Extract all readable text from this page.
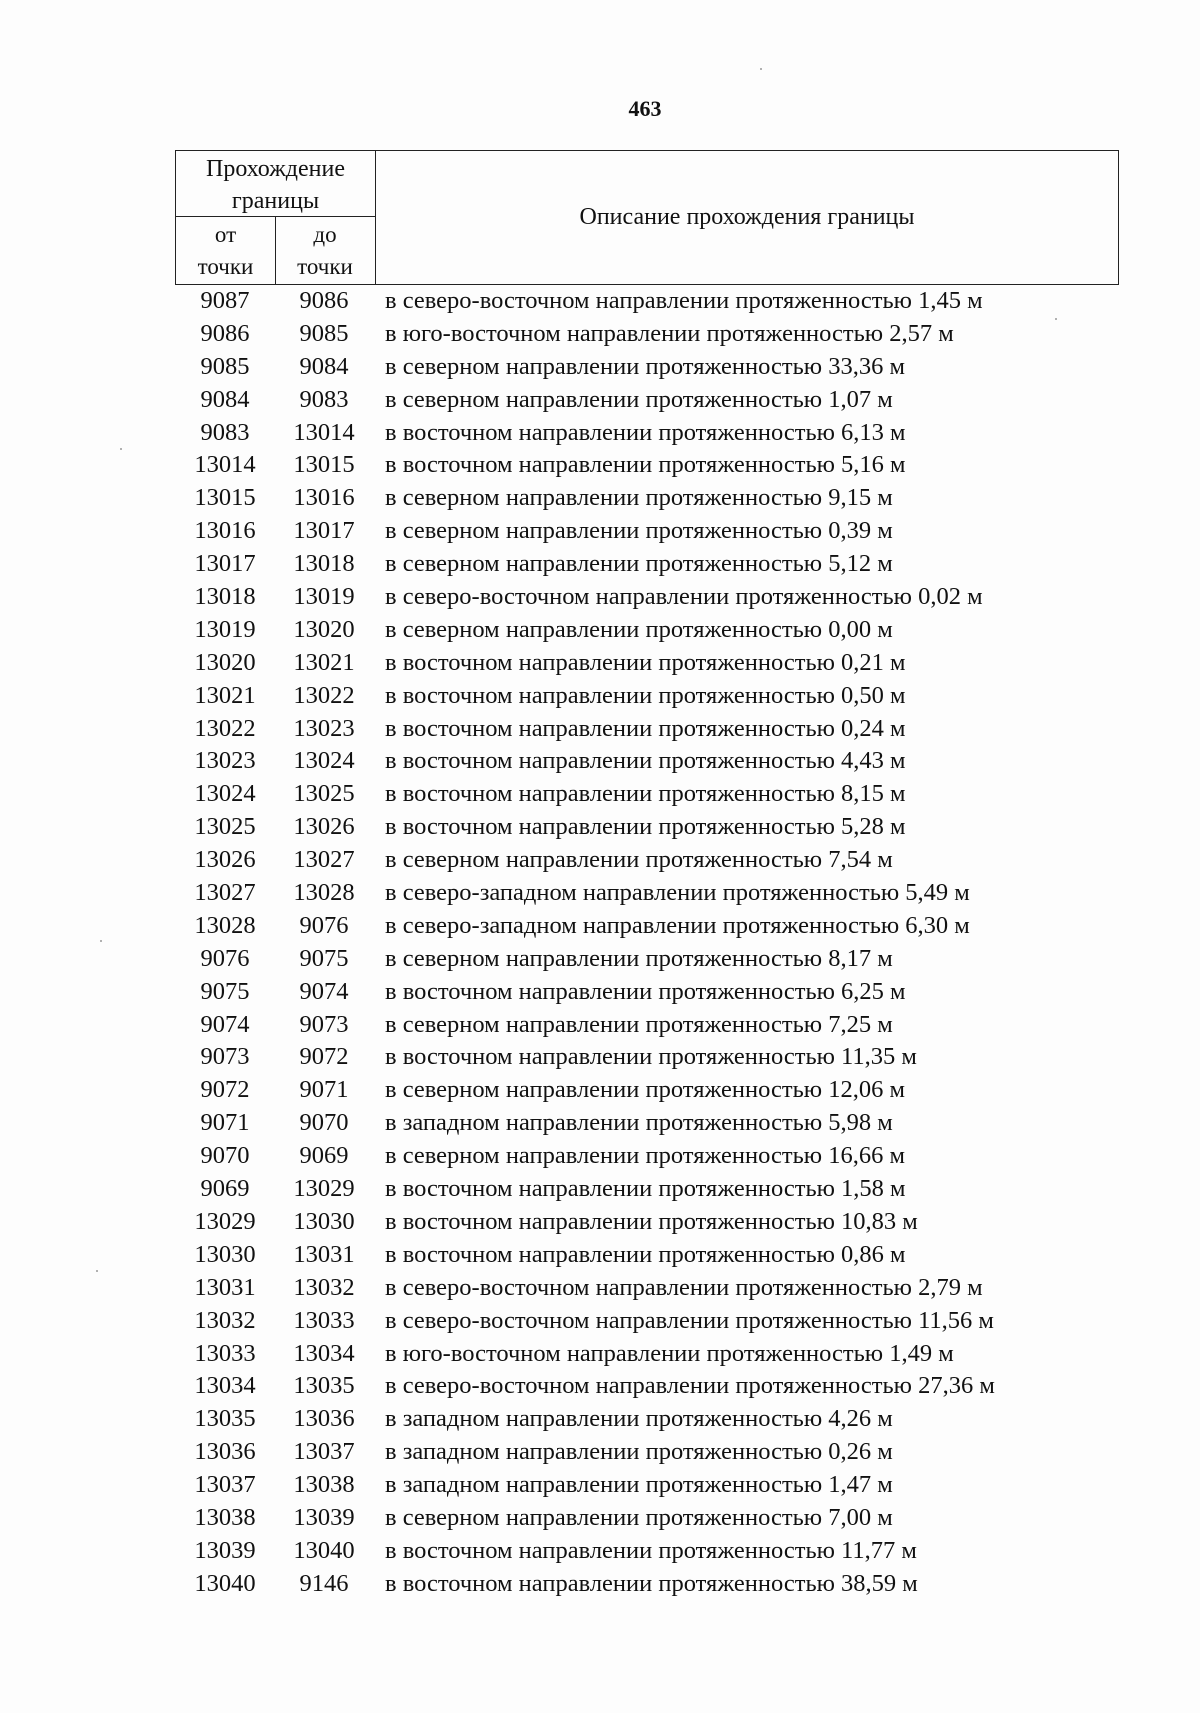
463
Прохождение
границы
от
точки
до
точки
Описание прохождения границы
9087	9086	в северо-восточном направлении протяженностью 1,45 м
9086	9085	в юго-восточном направлении протяженностью 2,57 м
9085	9084	в северном направлении протяженностью 33,36 м
9084	9083	в северном направлении протяженностью 1,07 м
9083	13014	в восточном направлении протяженностью 6,13 м
13014	13015	в восточном направлении протяженностью 5,16 м
13015	13016	в северном направлении протяженностью 9,15 м
13016	13017	в северном направлении протяженностью 0,39 м
13017	13018	в северном направлении протяженностью 5,12 м
13018	13019	в северо-восточном направлении протяженностью 0,02 м
13019	13020	в северном направлении протяженностью 0,00 м
13020	13021	в восточном направлении протяженностью 0,21 м
13021	13022	в восточном направлении протяженностью 0,50 м
13022	13023	в восточном направлении протяженностью 0,24 м
13023	13024	в восточном направлении протяженностью 4,43 м
13024	13025	в восточном направлении протяженностью 8,15 м
13025	13026	в восточном направлении протяженностью 5,28 м
13026	13027	в северном направлении протяженностью 7,54 м
13027	13028	в северо-западном направлении протяженностью 5,49 м
13028	9076	в северо-западном направлении протяженностью 6,30 м
9076	9075	в северном направлении протяженностью 8,17 м
9075	9074	в восточном направлении протяженностью 6,25 м
9074	9073	в северном направлении протяженностью 7,25 м
9073	9072	в восточном направлении протяженностью 11,35 м
9072	9071	в северном направлении протяженностью 12,06 м
9071	9070	в западном направлении протяженностью 5,98 м
9070	9069	в северном направлении протяженностью 16,66 м
9069	13029	в восточном направлении протяженностью 1,58 м
13029	13030	в восточном направлении протяженностью 10,83 м
13030	13031	в восточном направлении протяженностью 0,86 м
13031	13032	в северо-восточном направлении протяженностью 2,79 м
13032	13033	в северо-восточном направлении протяженностью 11,56 м
13033	13034	в юго-восточном направлении протяженностью 1,49 м
13034	13035	в северо-восточном направлении протяженностью 27,36 м
13035	13036	в западном направлении протяженностью 4,26 м
13036	13037	в западном направлении протяженностью 0,26 м
13037	13038	в западном направлении протяженностью 1,47 м
13038	13039	в северном направлении протяженностью 7,00 м
13039	13040	в восточном направлении протяженностью 11,77 м
13040	9146	в восточном направлении протяженностью 38,59 м
